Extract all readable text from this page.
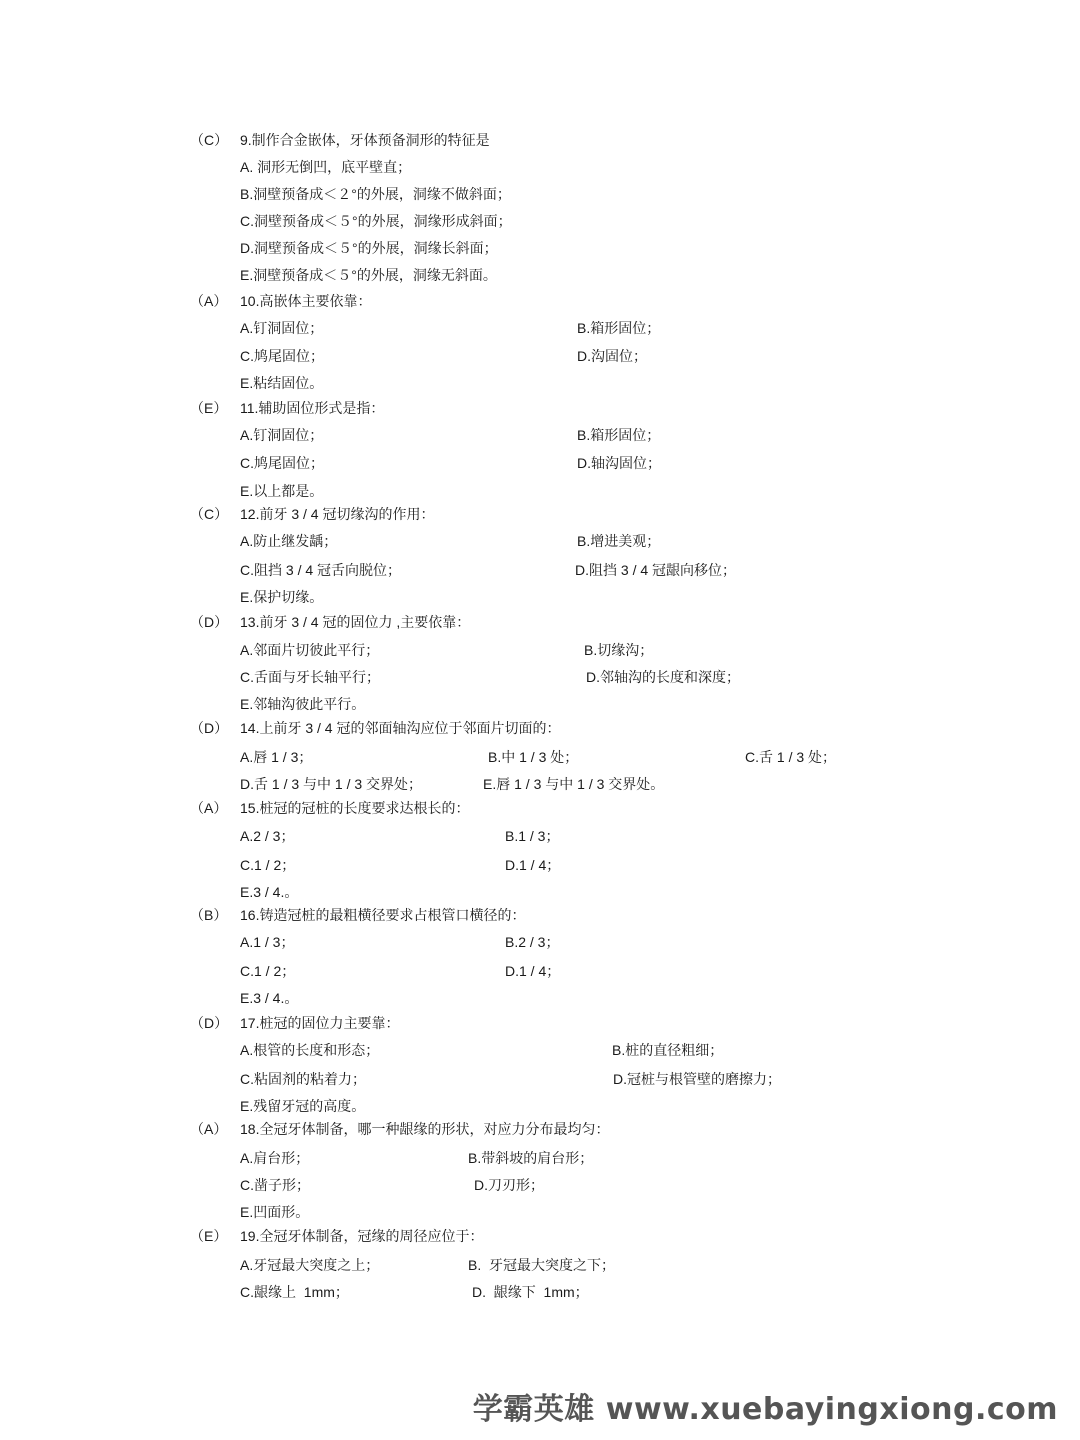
（C） 9.制作合金嵌体，牙体预备洞形的特征是
A. 洞形无倒凹，底平壁直；
B.洞壁预备成＜２°的外展，洞缘不做斜面；
C.洞壁预备成＜５°的外展，洞缘形成斜面；
D.洞壁预备成＜５°的外展，洞缘长斜面；
E.洞壁预备成＜５°的外展，洞缘无斜面。
（A） 10.高嵌体主要依靠：
A.钉洞固位；	B.箱形固位；
C.鸠尾固位；	D.沟固位；
E.粘结固位。
（E） 11.辅助固位形式是指：
A.钉洞固位；	B.箱形固位；
C.鸠尾固位；	D.轴沟固位；
E.以上都是。
（C） 12.前牙 3 / 4 冠切缘沟的作用：
A.防止继发龋；	B.增进美观；
C.阻挡 3 / 4 冠舌向脱位；	D.阻挡 3 / 4 冠龈向移位；
E.保护切缘。
（D） 13.前牙 3 / 4 冠的固位力 ,主要依靠：
A.邻面片切彼此平行；	B.切缘沟；
C.舌面与牙长轴平行；	D.邻轴沟的长度和深度；
E.邻轴沟彼此平行。
（D） 14.上前牙 3 / 4 冠的邻面轴沟应位于邻面片切面的：
A.唇 1 / 3；	B.中 1 / 3 处；	C.舌 1 / 3 处；
D.舌 1 / 3 与中 1 / 3 交界处；	E.唇 1 / 3 与中 1 / 3 交界处。
（A） 15.桩冠的冠桩的长度要求达根长的：
A.2 / 3；	B.1 / 3；
C.1 / 2；	D.1 / 4；
E.3 / 4.。
（B） 16.铸造冠桩的最粗横径要求占根管口横径的：
A.1 / 3；	B.2 / 3；
C.1 / 2；	D.1 / 4；
E.3 / 4.。
（D） 17.桩冠的固位力主要靠：
A.根管的长度和形态；	B.桩的直径粗细；
C.粘固剂的粘着力；	D.冠桩与根管壁的磨擦力；
E.残留牙冠的高度。
（A） 18.全冠牙体制备，哪一种龈缘的形状，对应力分布最均匀：
A.肩台形；	B.带斜坡的肩台形；
C.凿子形；	D.刀刃形；
E.凹面形。
（E） 19.全冠牙体制备，冠缘的周径应位于：
A.牙冠最大突度之上；	B.  牙冠最大突度之下；
C.龈缘上  1mm；	D.  龈缘下  1mm；
学霸英雄 www.xuebayingxiong.com
